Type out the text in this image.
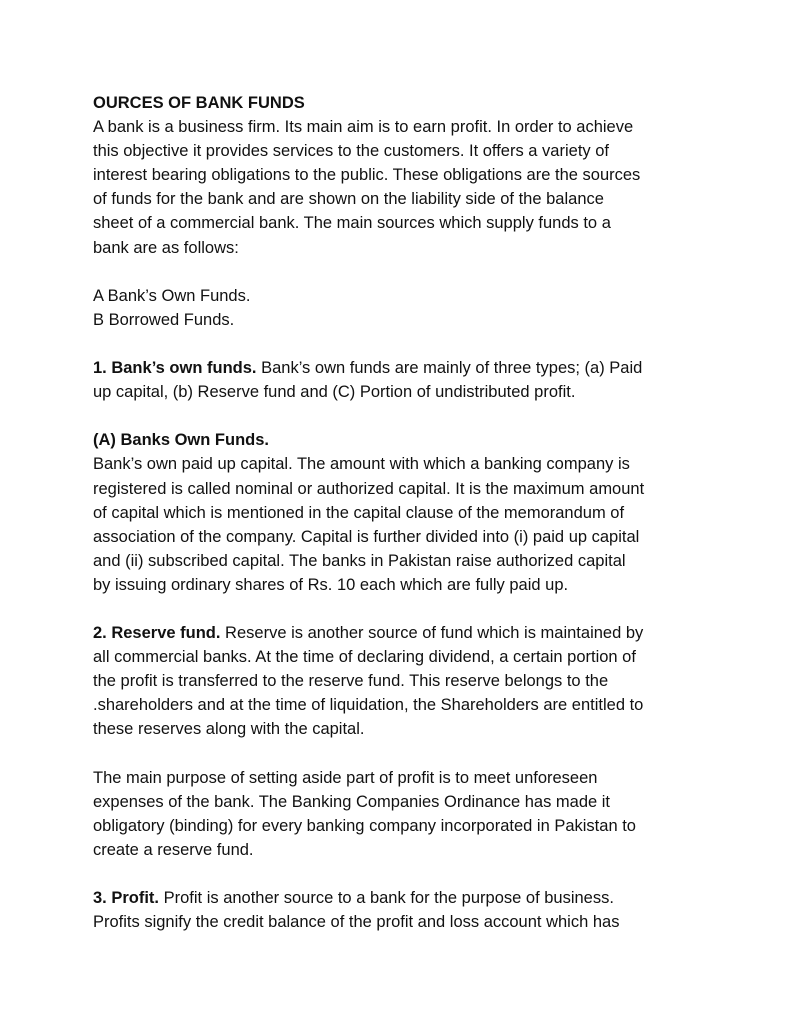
OURCES OF BANK FUNDS
A bank is a business firm. Its main aim is to earn profit. In order to achieve
this objective it provides services to the customers. It offers a variety of
interest bearing obligations to the public. These obligations are the sources
of funds for the bank and are shown on the liability side of the balance
sheet of a commercial bank. The main sources which supply funds to a
bank are as follows:
A Bank’s Own Funds.
B Borrowed Funds.
1. Bank’s own funds. Bank’s own funds are mainly of three types; (a) Paid
up capital, (b) Reserve fund and (C) Portion of undistributed profit.
(A) Banks Own Funds.
Bank’s own paid up capital. The amount with which a banking company is
registered is called nominal or authorized capital. It is the maximum amount
of capital which is mentioned in the capital clause of the memorandum of
association of the company. Capital is further divided into (i) paid up capital
and (ii) subscribed capital. The banks in Pakistan raise authorized capital
by issuing ordinary shares of Rs. 10 each which are fully paid up.
2. Reserve fund. Reserve is another source of fund which is maintained by
all commercial banks. At the time of declaring dividend, a certain portion of
the profit is transferred to the reserve fund. This reserve belongs to the
.shareholders and at the time of liquidation, the Shareholders are entitled to
these reserves along with the capital.
The main purpose of setting aside part of profit is to meet unforeseen
expenses of the bank. The Banking Companies Ordinance has made it
obligatory (binding) for every banking company incorporated in Pakistan to
create a reserve fund.
3. Profit. Profit is another source to a bank for the purpose of business.
Profits signify the credit balance of the profit and loss account which has
